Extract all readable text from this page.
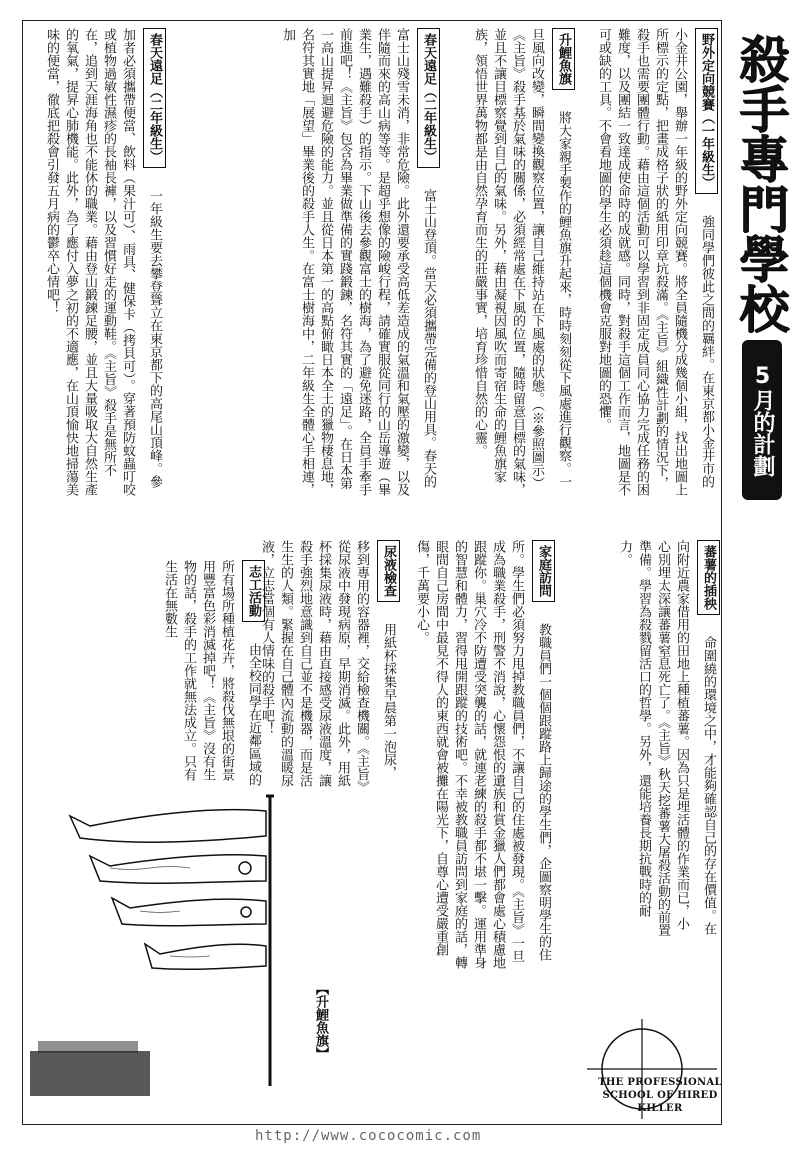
殺手專門學校
5月的計劃
野外定向競賽（一年級生） 強同學們彼此之間的羈絆。在東京都小金井市的小金井公園，舉辦一年級的野外定向競賽。將全員隨機分成幾個小組，找出地圖上所標示的定點，把畫成格子狀的紙用印章坑殺滿。《主旨》組織性計劃的情況下，殺手也需要團體行動。藉由這個活動可以學習到非固定成員同心協力完成任務的困難度，以及團結一致達成使命時的成就感。同時，對殺手這個工作而言，地圖是不可或缺的工具。不會看地圖的學生必須趁這個機會克服對地圖的恐懼。
升鯉魚旗 將大家親手製作的鯉魚旗升起來，時時刻刻從下風處進行觀察。一旦風向改變，瞬間變換觀察位置，讓自己維持站在下風處的狀態。（※參照圖示）《主旨》殺手基於氣味的關係，必須經常處在下風的位置，隨時留意目標的氣味，並且不讓目標察覺到自己的氣味。另外，藉由凝視因風吹而寄宿生命的鯉魚旗家族，領悟世界萬物都是由自然孕育而生的莊嚴事實，培育珍惜自然的心靈。
春天遠足（二年級生） 富士山登頂。當天必須攜帶完備的登山用具。春天的富士山殘雪未消，非常危險。此外還要承受高低差造成的氣溫和氣壓的激變，以及伴隨而來的高山病等等。是超乎想像的險峻行程，請確實服從同行的山岳導遊（畢業生，遇難殺手）的指示。下山後去參觀富士的樹海，為了避免迷路，全員手牽手前進吧！《主旨》包含為畢業做準備的實踐鍛鍊，名符其實的「遠足」。在日本第一高山提昇迴避危險的能力。並且從日本第一的高點俯瞰日本全土的獵物棲息地，名符其實地「展望」畢業後的殺手人生。在富士樹海中，二年級生全體心手相連，加
春天遠足（二年級生） 一年級生要去攀登聳立在東京都下的高尾山頂峰。參加者必須攜帶便當、飲料（果汁可）、雨具、健保卡（拷貝可）。穿著預防蚊蟲叮咬或植物過敏性濕疹的長袖長褲，以及習慣好走的運動鞋。《主旨》殺手是無所不在，追到天涯海角也不能休的職業。藉由登山鍛鍊足腰，並且大量吸取大自然生產的氧氣，提昇心肺機能。此外，為了應付入夢之初的不適應，在山頂愉快地掃蕩美味的便當，徹底把殺會引發五月病的鬱卒心情吧！
蕃薯的插秧 命圍繞的環境之中，才能夠確認自己的存在價值。在向附近農家借用的田地上種植蕃薯。因為只是埋活體的作業而已，小心別埋太深讓蕃薯窒息死亡了。《主旨》秋天挖蕃薯大屠殺活動的前置準備。學習為殺戮留活口的哲學。另外，還能培養長期抗戰時的耐力。
家庭訪問 教職員們一個個跟蹤路上歸途的學生們，企圖察明學生的住所。學生們必須努力甩掉教職員們，不讓自己的住處被發現。《主旨》一旦成為職業殺手，刑警不消說，心懷怨恨的遺族和賞金獵人們都會處心積慮地跟蹤你。巢穴冷不防遭受突襲的話，就連老練的殺手都不堪一擊。運用準身的智慧和體力，習得甩開跟蹤的技術吧。不幸被教職員訪問到家庭的話，轉眼間自己房間中最見不得人的東西就會被攤在陽光下，自尊心遭受嚴重創傷，千萬要小心。
尿液檢查 用紙杯採集早晨第一泡尿，移到專用的容器裡，交給檢查機關。《主旨》從尿液中發現病原，早期消滅。此外，用紙杯採集尿液時，藉由直接感受尿液溫度，讓殺手強烈地意識到自己並不是機器，而是活生生的人類。緊握在自己體內流動的溫暖尿液，立志當個有人情味的殺手吧！
志工活動 由全校同學在近鄰區域的所有場所種植花卉，將殺伐無垠的街景用豐富色彩消滅掉吧！《主旨》沒有生物的話，殺手的工作就無法成立。只有生活在無數生
【升鯉魚旗】
THE PROFESSIONAL SCHOOL OF HIRED KILLER
http://www.cococomic.com
